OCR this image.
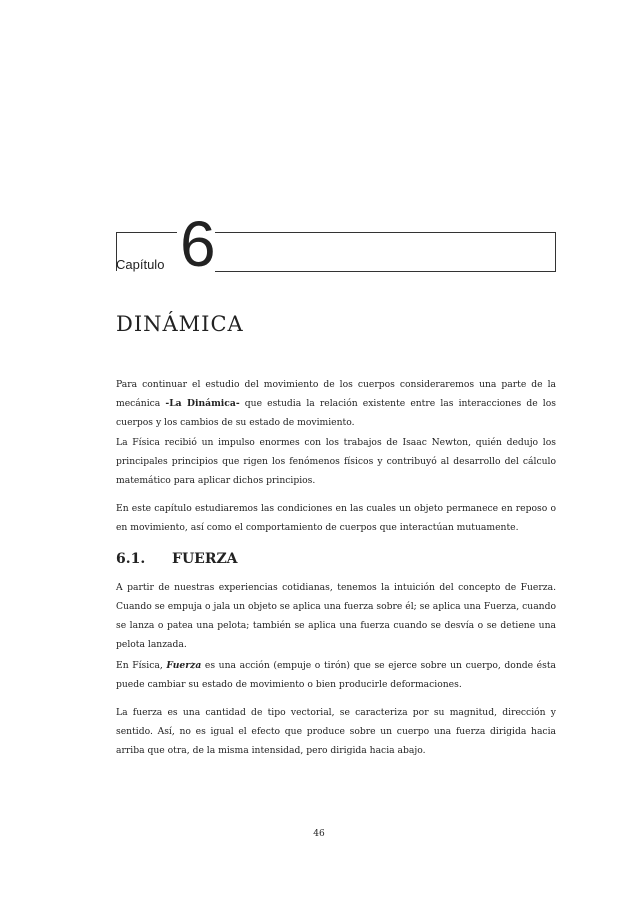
Capítulo 6
DINÁMICA
Para continuar el estudio del movimiento de los cuerpos consideraremos una parte de la mecánica -La Dinámica- que estudia la relación existente entre las interacciones de los cuerpos y los cambios de su estado de movimiento.
La Física recibió un impulso enormes con los trabajos de Isaac Newton, quién dedujo los principales principios que rigen los fenómenos físicos y contribuyó al desarrollo del cálculo matemático para aplicar dichos principios.
En este capítulo estudiaremos las condiciones en las cuales un objeto permanece en reposo o en movimiento, así como el comportamiento de cuerpos que interactúan mutuamente.
6.1. FUERZA
A partir de nuestras experiencias cotidianas, tenemos la intuición del concepto de Fuerza. Cuando se empuja o jala un objeto se aplica una fuerza sobre él; se aplica una Fuerza, cuando se lanza o patea una pelota; también se aplica una fuerza cuando se desvía o se detiene una pelota lanzada.
En Física, Fuerza es una acción (empuje o tirón) que se ejerce sobre un cuerpo, donde ésta puede cambiar su estado de movimiento o bien producirle deformaciones.
La fuerza es una cantidad de tipo vectorial, se caracteriza por su magnitud, dirección y sentido. Así, no es igual el efecto que produce sobre un cuerpo una fuerza dirigida hacia arriba que otra, de la misma intensidad, pero dirigida hacia abajo.
46
